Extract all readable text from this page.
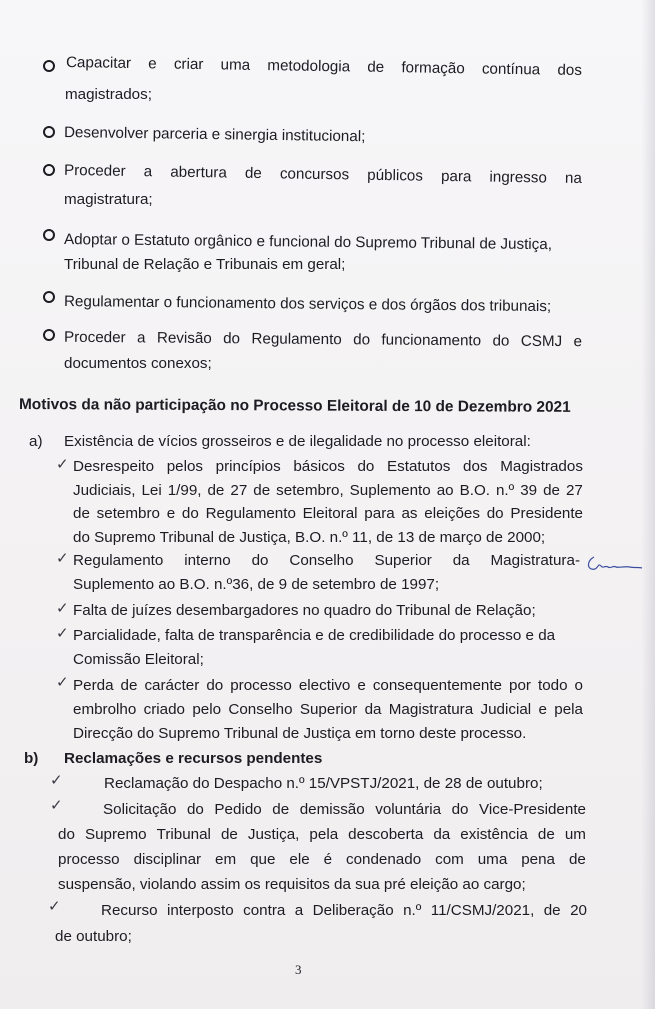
Capacitar e criar uma metodologia de formação contínua dos
magistrados;
Desenvolver parceria e sinergia institucional;
Proceder a abertura de concursos públicos para ingresso na
magistratura;
Adoptar o Estatuto orgânico e funcional do Supremo Tribunal de Justiça,
Tribunal de Relação e Tribunais em geral;
Regulamentar o funcionamento dos serviços e dos órgãos dos tribunais;
Proceder a Revisão do Regulamento do funcionamento do CSMJ e
documentos conexos;
Motivos da não participação no Processo Eleitoral de 10 de Dezembro 2021
a) Existência de vícios grosseiros e de ilegalidade no processo eleitoral:
✓ Desrespeito pelos princípios básicos do Estatutos dos Magistrados
Judiciais, Lei 1/99, de 27 de setembro, Suplemento ao B.O. n.º 39 de 27
de setembro e do Regulamento Eleitoral para as eleições do Presidente
do Supremo Tribunal de Justiça, B.O. n.º 11, de 13 de março de 2000;
✓ Regulamento interno do Conselho Superior da Magistratura-
Suplemento ao B.O. n.º36, de 9 de setembro de 1997;
✓ Falta de juízes desembargadores no quadro do Tribunal de Relação;
✓ Parcialidade, falta de transparência e de credibilidade do processo e da
Comissão Eleitoral;
✓ Perda de carácter do processo electivo e consequentemente por todo o
embrolho criado pelo Conselho Superior da Magistratura Judicial e pela
Direcção do Supremo Tribunal de Justiça em torno deste processo.
b) Reclamações e recursos pendentes
✓	Reclamação do Despacho n.º 15/VPSTJ/2021, de 28 de outubro;
✓	Solicitação do Pedido de demissão voluntária do Vice-Presidente
do Supremo Tribunal de Justiça, pela descoberta da existência de um
processo disciplinar em que ele é condenado com uma pena de
suspensão, violando assim os requisitos da sua pré eleição ao cargo;
✓	Recurso interposto contra a Deliberação n.º 11/CSMJ/2021, de 20
de outubro;
3
